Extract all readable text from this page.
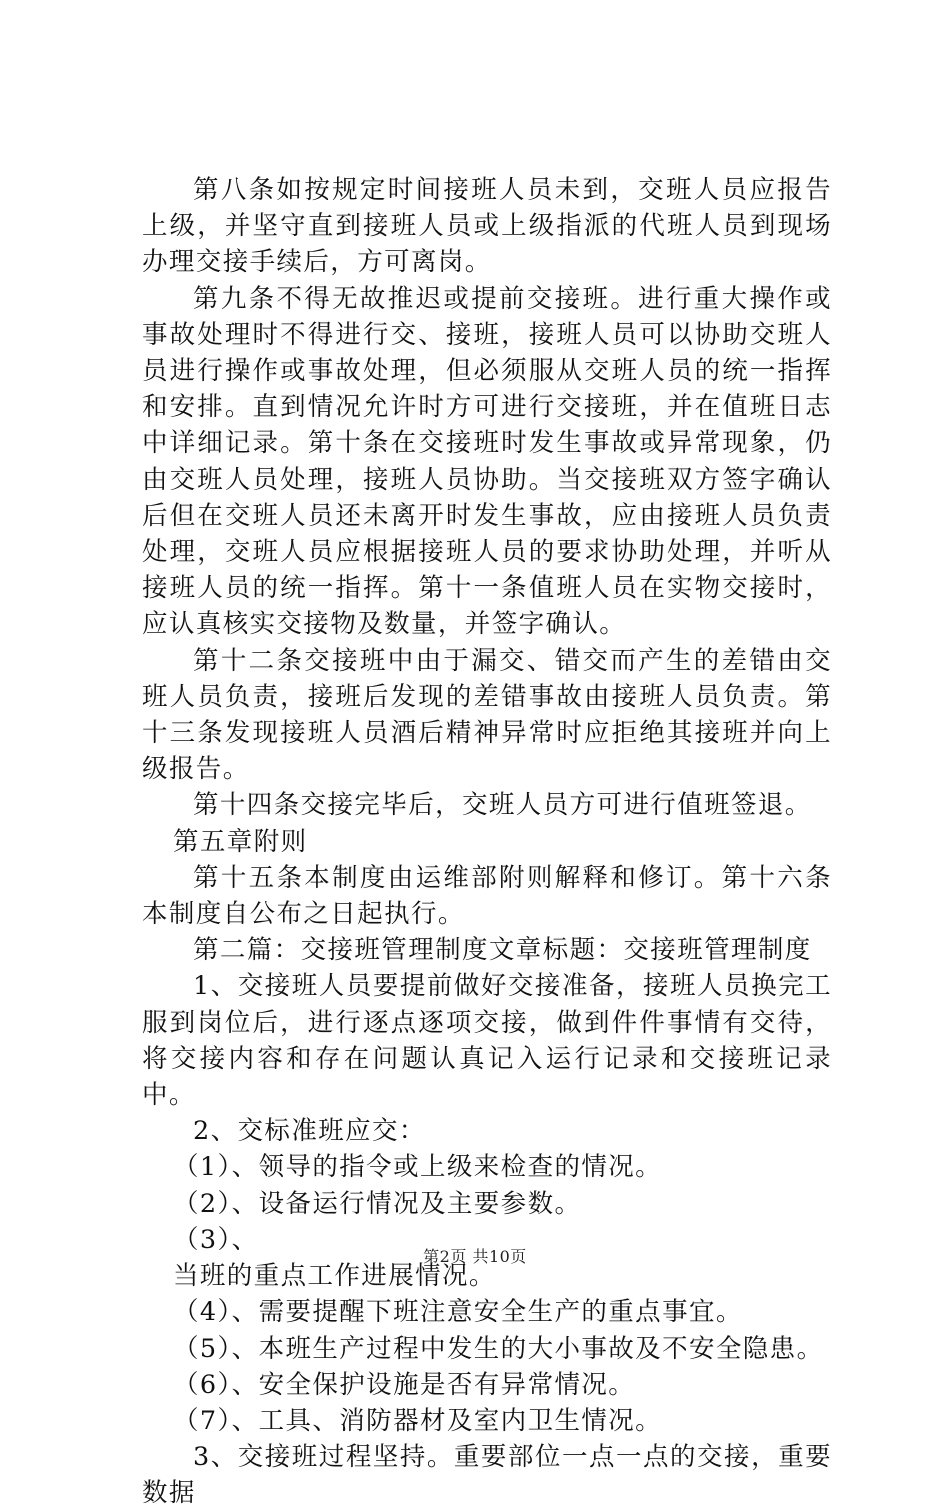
第八条如按规定时间接班人员未到，交班人员应报告上级，并坚守直到接班人员或上级指派的代班人员到现场办理交接手续后，方可离岗。

第九条不得无故推迟或提前交接班。进行重大操作或事故处理时不得进行交、接班，接班人员可以协助交班人员进行操作或事故处理，但必须服从交班人员的统一指挥和安排。直到情况允许时方可进行交接班，并在值班日志中详细记录。第十条在交接班时发生事故或异常现象，仍由交班人员处理，接班人员协助。当交接班双方签字确认后但在交班人员还未离开时发生事故，应由接班人员负责处理，交班人员应根据接班人员的要求协助处理，并听从接班人员的统一指挥。第十一条值班人员在实物交接时，应认真核实交接物及数量，并签字确认。

第十二条交接班中由于漏交、错交而产生的差错由交班人员负责，接班后发现的差错事故由接班人员负责。第十三条发现接班人员酒后精神异常时应拒绝其接班并向上级报告。

第十四条交接完毕后，交班人员方可进行值班签退。

第五章附则

第十五条本制度由运维部附则解释和修订。第十六条本制度自公布之日起执行。

第二篇：交接班管理制度文章标题：交接班管理制度

1、交接班人员要提前做好交接准备，接班人员换完工服到岗位后，进行逐点逐项交接，做到件件事情有交待，将交接内容和存在问题认真记入运行记录和交接班记录中。

2、交标准班应交：

（1）、领导的指令或上级来检查的情况。

（2）、设备运行情况及主要参数。

（3）、

当班的重点工作进展情况。

（4）、需要提醒下班注意安全生产的重点事宜。

（5）、本班生产过程中发生的大小事故及不安全隐患。

（6）、安全保护设施是否有异常情况。

（7）、工具、消防器材及室内卫生情况。

3、交接班过程坚持。重要部位一点一点的交接，重要数据

第2页 共10页
